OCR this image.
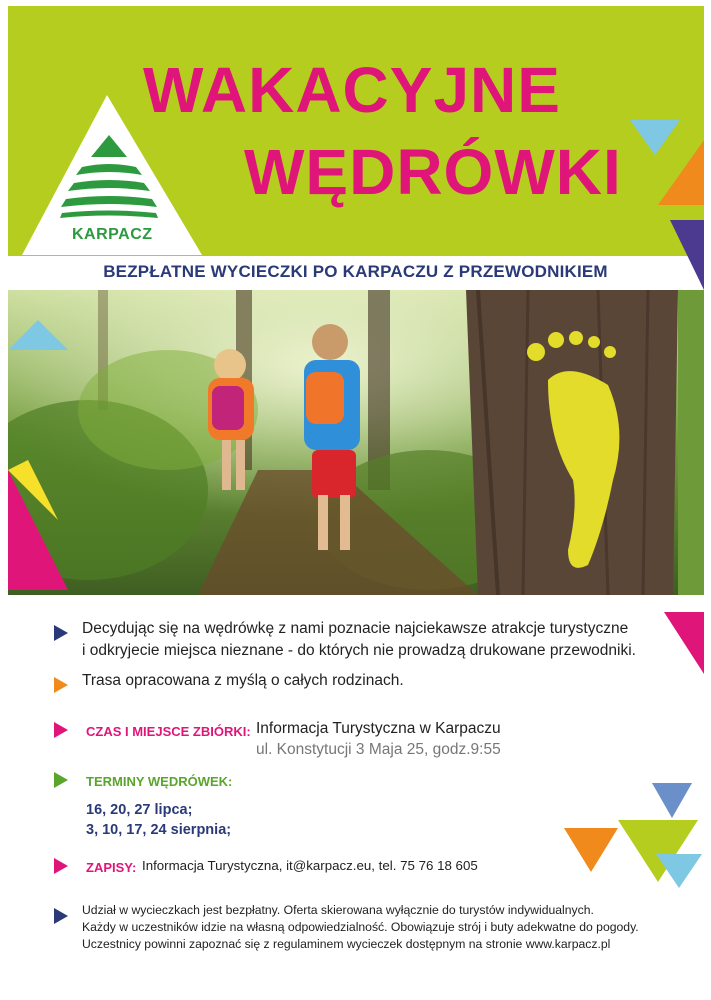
KARPACZ
WAKACYJNE
WĘDRÓWKI
BEZPŁATNE WYCIECZKI PO KARPACZU Z PRZEWODNIKIEM
Decydując się na wędrówkę z nami poznacie najciekawsze atrakcje turystyczne
i odkryjecie miejsca nieznane - do których nie prowadzą drukowane przewodniki.
Trasa opracowana z myślą o całych rodzinach.
CZAS I MIEJSCE ZBIÓRKI: Informacja Turystyczna w Karpaczu
ul. Konstytucji 3 Maja 25, godz.9:55
TERMINY WĘDRÓWEK:
16, 20, 27 lipca;
3, 10, 17, 24 sierpnia;
ZAPISY: Informacja Turystyczna, it@karpacz.eu, tel. 75 76 18 605
Udział w wycieczkach jest bezpłatny. Oferta skierowana wyłącznie do turystów indywidualnych.
Każdy w uczestników idzie na własną odpowiedzialność. Obowiązuje strój i buty adekwatne do pogody.
Uczestnicy powinni zapoznać się z regulaminem wycieczek dostępnym na stronie www.karpacz.pl
